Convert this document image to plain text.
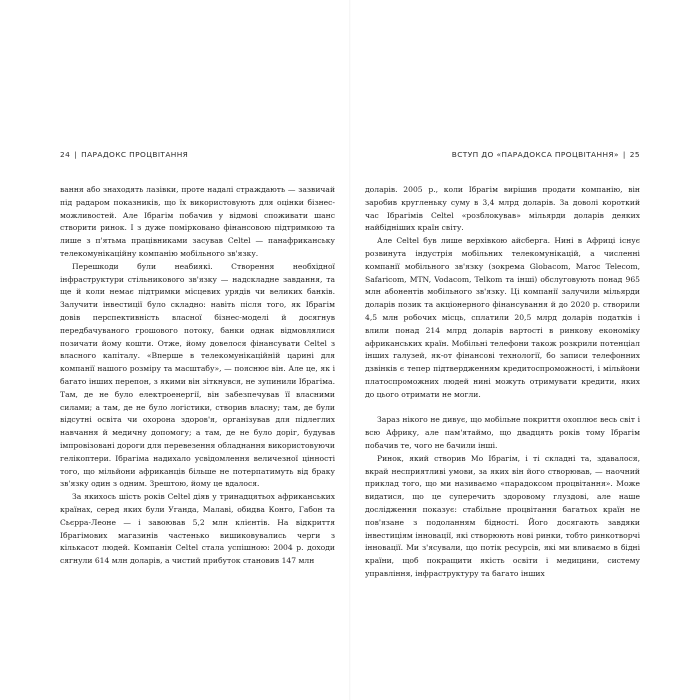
24 | ПАРАДОКС ПРОЦВІТАННЯ

вання або знаходять лазівки, проте надалі страждають — зазвичай під радаром показників, що їх використовують для оцінки бізнес-можливостей. Але Ібрагім побачив у відмові споживати шанс створити ринок. І з дуже помірковано фінансовою підтримкою та лише з п'ятьма працівниками засував Celtel — панафриканську телекомунікаційну компанію мобільного зв'язку.

Перешкоди були неабиякі. Створення необхідної інфраструктури стільникового зв'язку — надскладне завдання, та ще й коли немає підтримки місцевих урядів чи великих банків. Залучити інвестиції було складно: навіть після того, як Ібрагім довів перспективність власної бізнес-моделі й досягнув передбачуваного грошового потоку, банки однак відмовлялися позичати йому кошти. Отже, йому довелося фінансувати Celtel з власного капіталу. «Вперше в телекомунікаційній царині для компанії нашого розміру та масштабу», — пояснює він. Але це, як і багато інших перепон, з якими він зіткнувся, не зупинили Ібрагіма. Там, де не було електроенергії, він забезпечував її власними силами; а там, де не було логістики, створив власну; там, де були відсутні освіта чи охорона здоров'я, організував для підлеглих навчання й медичну допомогу; а там, де не було доріг, будував імпровізовані дороги для перевезення обладнання використовуючи гелікоптери. Ібрагіма надихало усвідомлення величезної цінності того, що мільйони африканців більше не потерпатимуть від браку зв'язку один з одним. Зрештою, йому це вдалося.

За якихось шість років Celtel діяв у тринадцятьох африканських країнах, серед яких були Уганда, Малаві, обидва Конго, Габон та Сьєрра-Леоне — і завоював 5,2 млн клієнтів. На відкриття Ібрагімових магазинів частенько вишиковувались черги з кількасот людей. Компанія Celtel стала успішною: 2004 р. доходи сягнули 614 млн доларів, а чистий прибуток становив 147 млн

ВСТУП ДО «ПАРАДОКСА ПРОЦВІТАННЯ» | 25

доларів. 2005 р., коли Ібрагім вирішив продати компанію, він заробив кругленьку суму в 3,4 млрд доларів. За доволі короткий час Ібрагімів Celtel «розблокував» мільярди доларів деяких найбідніших країн світу.

Але Celtel був лише верхівкою айсберга. Нині в Африці існує розвинута індустрія мобільних телекомунікацій, а численні компанії мобільного зв'язку (зокрема Globacom, Maroc Telecom, Safaricom, MTN, Vodacom, Telkom та інші) обслуговують понад 965 млн абонентів мобільного зв'язку. Ці компанії залучили мільярди доларів позик та акціонерного фінансування й до 2020 р. створили 4,5 млн робочих місць, сплатили 20,5 млрд доларів податків і влили понад 214 млрд доларів вартості в ринкову економіку африканських країн. Мобільні телефони також розкрили потенціал інших галузей, як-от фінансові технології, бо записи телефонних дзвінків є тепер підтвердженням кредитоспроможності, і мільйони платоспроможних людей нині можуть отримувати кредити, яких до цього отримати не могли.

Зараз нікого не дивує, що мобільне покриття охоплює весь світ і всю Африку, але пам'ятаймо, що двадцять років тому Ібрагім побачив те, чого не бачили інші.

Ринок, який створив Мо Ібрагім, і ті складні та, здавалося, вкрай несприятливі умови, за яких він його створював, — наочний приклад того, що ми називаємо «парадоксом процвітання». Може видатися, що це суперечить здоровому глуздові, але наше дослідження показує: стабільне процвітання багатьох країн не пов'язане з подоланням бідності. Його досягають завдяки інвестиціям інновації, які створюють нові ринки, тобто ринкотворчі інновації. Ми з'ясували, що потік ресурсів, які ми вливаємо в бідні країни, щоб покращити якість освіти і медицини, систему управління, інфраструктуру та багато інших
